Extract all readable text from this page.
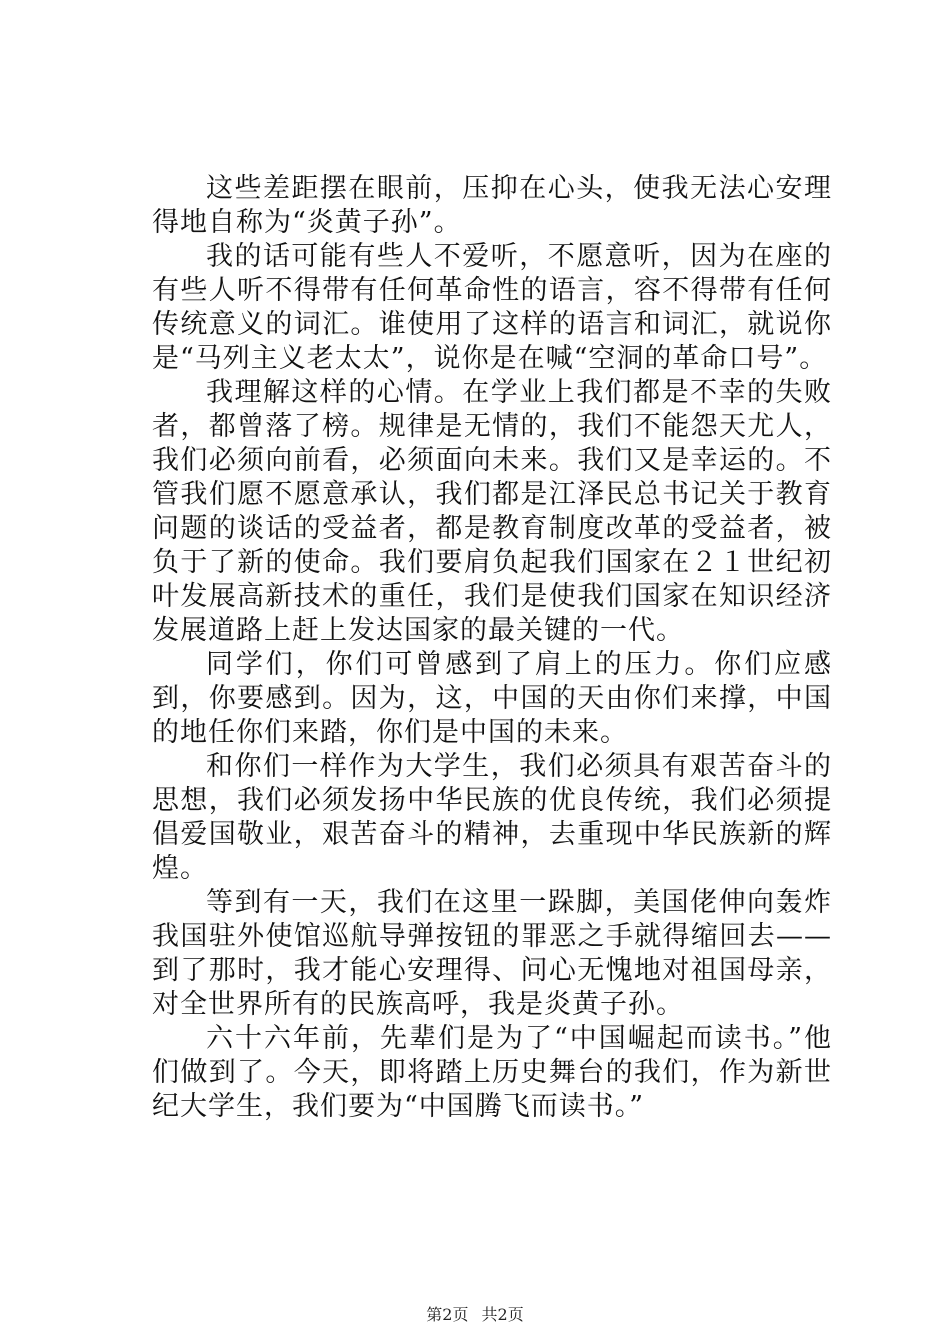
这些差距摆在眼前，压抑在心头，使我无法心安理得地自称为“炎黄子孙”。

我的话可能有些人不爱听，不愿意听，因为在座的有些人听不得带有任何革命性的语言，容不得带有任何传统意义的词汇。谁使用了这样的语言和词汇，就说你是“马列主义老太太”，说你是在喊“空洞的革命口号”。

我理解这样的心情。在学业上我们都是不幸的失败者，都曾落了榜。规律是无情的，我们不能怨天尤人，我们必须向前看，必须面向未来。我们又是幸运的。不管我们愿不愿意承认，我们都是江泽民总书记关于教育问题的谈话的受益者，都是教育制度改革的受益者，被负于了新的使命。我们要肩负起我们国家在２１世纪初叶发展高新技术的重任，我们是使我们国家在知识经济发展道路上赶上发达国家的最关键的一代。

同学们，你们可曾感到了肩上的压力。你们应感到，你要感到。因为，这，中国的天由你们来撑，中国的地任你们来踏，你们是中国的未来。

和你们一样作为大学生，我们必须具有艰苦奋斗的思想，我们必须发扬中华民族的优良传统，我们必须提倡爱国敬业，艰苦奋斗的精神，去重现中华民族新的辉煌。

等到有一天，我们在这里一跺脚，美国佬伸向轰炸我国驻外使馆巡航导弹按钮的罪恶之手就得缩回去——到了那时，我才能心安理得、问心无愧地对祖国母亲，对全世界所有的民族高呼，我是炎黄子孙。

六十六年前，先辈们是为了“中国崛起而读书。”他们做到了。今天，即将踏上历史舞台的我们，作为新世纪大学生，我们要为“中国腾飞而读书。”

第2页 共2页
